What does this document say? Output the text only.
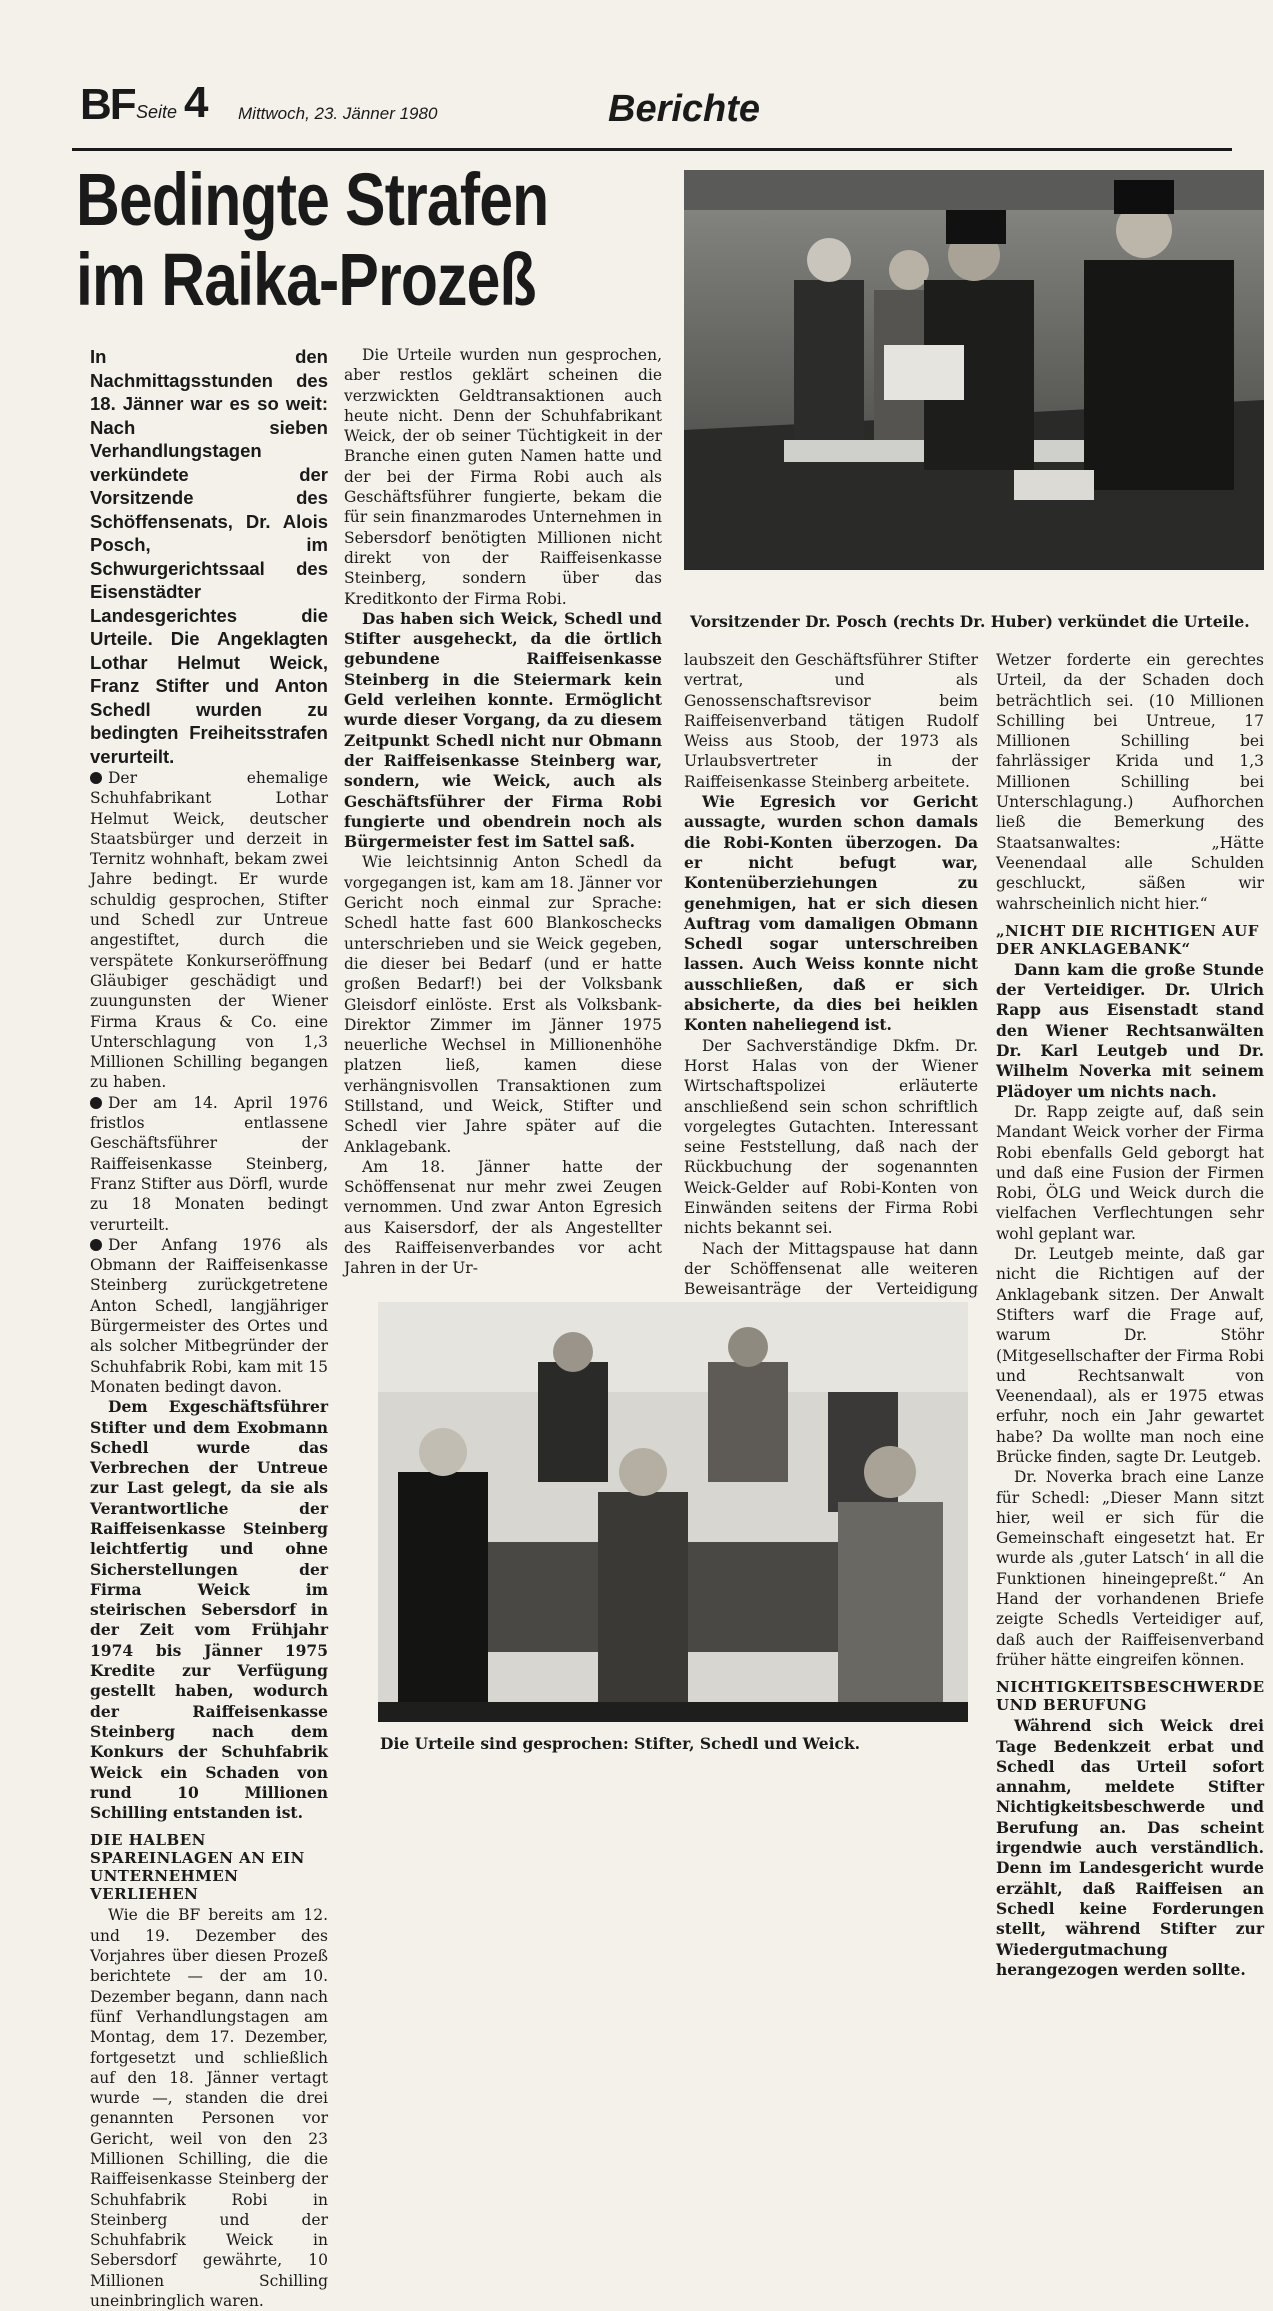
BF Seite 4 Mittwoch, 23. Jänner 1980	Berichte
Bedingte Strafen
im Raika-Prozeß
Vorsitzender Dr. Posch (rechts Dr. Huber) verkündet die Urteile.

In den Nachmittagsstunden des 18. Jänner war es so weit: Nach sieben Verhandlungstagen verkündete der Vorsitzende des Schöffensenats, Dr. Alois Posch, im Schwurgerichtssaal des Eisenstädter Landesgerichtes die Urteile. Die Angeklagten Lothar Helmut Weick, Franz Stifter und Anton Schedl wurden zu bedingten Freiheitsstrafen verurteilt.

Der ehemalige Schuhfabrikant Lothar Helmut Weick, deutscher Staatsbürger und derzeit in Ternitz wohnhaft, bekam zwei Jahre bedingt. Er wurde schuldig gesprochen, Stifter und Schedl zur Untreue angestiftet, durch die verspätete Konkurseröffnung Gläubiger geschädigt und zuungunsten der Wiener Firma Kraus & Co. eine Unterschlagung von 1,3 Millionen Schilling begangen zu haben.

Der am 14. April 1976 fristlos entlassene Geschäftsführer der Raiffeisenkasse Steinberg, Franz Stifter aus Dörfl, wurde zu 18 Monaten bedingt verurteilt.

Der Anfang 1976 als Obmann der Raiffeisenkasse Steinberg zurückgetretene Anton Schedl, langjähriger Bürgermeister des Ortes und als solcher Mitbegründer der Schuhfabrik Robi, kam mit 15 Monaten bedingt davon.

Dem Exgeschäftsführer Stifter und dem Exobmann Schedl wurde das Verbrechen der Untreue zur Last gelegt, da sie als Verantwortliche der Raiffeisenkasse Steinberg leichtfertig und ohne Sicherstellungen der Firma Weick im steirischen Sebersdorf in der Zeit vom Frühjahr 1974 bis Jänner 1975 Kredite zur Verfügung gestellt haben, wodurch der Raiffeisenkasse Steinberg nach dem Konkurs der Schuhfabrik Weick ein Schaden von rund 10 Millionen Schilling entstanden ist.

DIE HALBEN SPAREINLAGEN AN EIN UNTERNEHMEN VERLIEHEN

Wie die BF bereits am 12. und 19. Dezember des Vorjahres über diesen Prozeß berichtete — der am 10. Dezember begann, dann nach fünf Verhandlungstagen am Montag, dem 17. Dezember, fortgesetzt und schließlich auf den 18. Jänner vertagt wurde —, standen die drei genannten Personen vor Gericht, weil von den 23 Millionen Schilling, die die Raiffeisenkasse Steinberg der Schuhfabrik Robi in Steinberg und der Schuhfabrik Weick in Sebersdorf gewährte, 10 Millionen Schilling uneinbringlich waren.

Die Urteile wurden nun gesprochen, aber restlos geklärt scheinen die verzwickten Geldtransaktionen auch heute nicht. Denn der Schuhfabrikant Weick, der ob seiner Tüchtigkeit in der Branche einen guten Namen hatte und der bei der Firma Robi auch als Geschäftsführer fungierte, bekam die für sein finanzmarodes Unternehmen in Sebersdorf benötigten Millionen nicht direkt von der Raiffeisenkasse Steinberg, sondern über das Kreditkonto der Firma Robi.

Das haben sich Weick, Schedl und Stifter ausgeheckt, da die örtlich gebundene Raiffeisenkasse Steinberg in die Steiermark kein Geld verleihen konnte. Ermöglicht wurde dieser Vorgang, da zu diesem Zeitpunkt Schedl nicht nur Obmann der Raiffeisenkasse Steinberg war, sondern, wie Weick, auch als Geschäftsführer der Firma Robi fungierte und obendrein noch als Bürgermeister fest im Sattel saß.

Wie leichtsinnig Anton Schedl da vorgegangen ist, kam am 18. Jänner vor Gericht noch einmal zur Sprache: Schedl hatte fast 600 Blankoschecks unterschrieben und sie Weick gegeben, die dieser bei Bedarf (und er hatte großen Bedarf!) bei der Volksbank Gleisdorf einlöste. Erst als Volksbank-Direktor Zimmer im Jänner 1975 neuerliche Wechsel in Millionenhöhe platzen ließ, kamen diese verhängnisvollen Transaktionen zum Stillstand, und Weick, Stifter und Schedl vier Jahre später auf die Anklagebank.

Am 18. Jänner hatte der Schöffensenat nur mehr zwei Zeugen vernommen. Und zwar Anton Egresich aus Kaisersdorf, der als Angestellter des Raiffeisenverbandes vor acht Jahren in der Ur-

laubszeit den Geschäftsführer Stifter vertrat, und als Genossenschaftsrevisor beim Raiffeisenverband tätigen Rudolf Weiss aus Stoob, der 1973 als Urlaubsvertreter in der Raiffeisenkasse Steinberg arbeitete.

Wie Egresich vor Gericht aussagte, wurden schon damals die Robi-Konten überzogen. Da er nicht befugt war, Kontenüberziehungen zu genehmigen, hat er sich diesen Auftrag vom damaligen Obmann Schedl sogar unterschreiben lassen. Auch Weiss konnte nicht ausschließen, daß er sich absicherte, da dies bei heiklen Konten naheliegend ist.

Der Sachverständige Dkfm. Dr. Horst Halas von der Wiener Wirtschaftspolizei erläuterte anschließend sein schon schriftlich vorgelegtes Gutachten. Interessant seine Feststellung, daß nach der Rückbuchung der sogenannten Weick-Gelder auf Robi-Konten von Einwänden seitens der Firma Robi nichts bekannt sei.

Nach der Mittagspause hat dann der Schöffensenat alle weiteren Beweisanträge der Verteidigung

Wetzer forderte ein gerechtes Urteil, da der Schaden doch beträchtlich sei. (10 Millionen Schilling bei Untreue, 17 Millionen Schilling bei fahrlässiger Krida und 1,3 Millionen Schilling bei Unterschlagung.) Aufhorchen ließ die Bemerkung des Staatsanwaltes: „Hätte Veenendaal alle Schulden geschluckt, säßen wir wahrscheinlich nicht hier.“

„NICHT DIE RICHTIGEN AUF DER ANKLAGEBANK“

Dann kam die große Stunde der Verteidiger. Dr. Ulrich Rapp aus Eisenstadt stand den Wiener Rechtsanwälten Dr. Karl Leutgeb und Dr. Wilhelm Noverka mit seinem Plädoyer um nichts nach.

Dr. Rapp zeigte auf, daß sein Mandant Weick vorher der Firma Robi ebenfalls Geld geborgt hat und daß eine Fusion der Firmen Robi, ÖLG und Weick durch die vielfachen Verflechtungen sehr wohl geplant war.

Dr. Leutgeb meinte, daß gar nicht die Richtigen auf der Anklagebank sitzen. Der Anwalt Stifters warf die Frage auf, warum Dr. Stöhr (Mitgesellschafter der Firma Robi und Rechtsanwalt von Veenendaal), als er 1975 etwas erfuhr, noch ein Jahr gewartet habe? Da wollte man noch eine Brücke finden, sagte Dr. Leutgeb.

Dr. Noverka brach eine Lanze für Schedl: „Dieser Mann sitzt hier, weil er sich für die Gemeinschaft eingesetzt hat. Er wurde als ‚guter Latsch‘ in all die Funktionen hineingepreßt.“ An Hand der vorhandenen Briefe zeigte Schedls Verteidiger auf, daß auch der Raiffeisenverband früher hätte eingreifen können.

NICHTIGKEITSBESCHWERDE UND BERUFUNG

Während sich Weick drei Tage Bedenkzeit erbat und Schedl das Urteil sofort annahm, meldete Stifter Nichtigkeitsbeschwerde und Berufung an. Das scheint irgendwie auch verständlich. Denn im Landesgericht wurde erzählt, daß Raiffeisen an Schedl keine Forderungen stellt, während Stifter zur Wiedergutmachung herangezogen werden sollte.

Die Urteile sind gesprochen: Stifter, Schedl und Weick.
